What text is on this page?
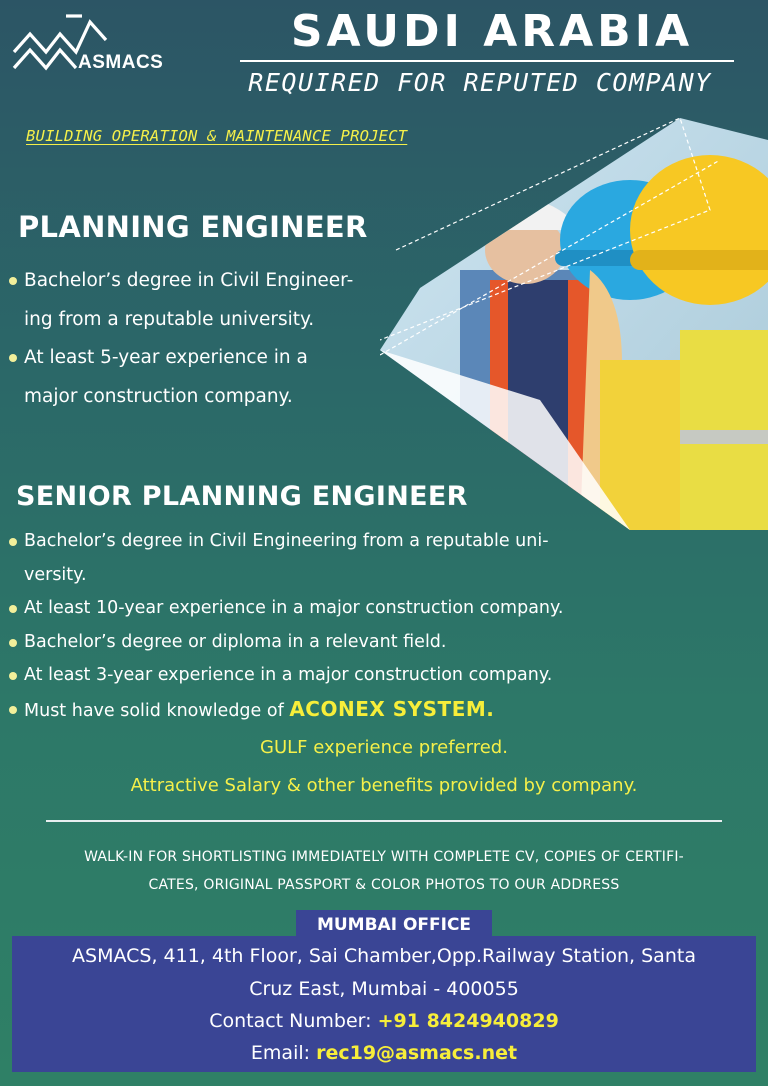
ASMACS
SAUDI ARABIA
REQUIRED FOR REPUTED COMPANY
BUILDING OPERATION & MAINTENANCE PROJECT
PLANNING ENGINEER
Bachelor’s degree in Civil Engineer-
ing from a reputable university.
At least 5-year experience in a
major construction company.
SENIOR PLANNING ENGINEER
Bachelor’s degree in Civil Engineering from a reputable uni-
versity.
At least 10-year experience in a major construction company.
Bachelor’s degree or diploma in a relevant field.
At least 3-year experience in a major construction company.
Must have solid knowledge of ACONEX SYSTEM.
GULF experience preferred.
Attractive Salary & other benefits provided by company.
WALK-IN FOR SHORTLISTING IMMEDIATELY WITH COMPLETE CV, COPIES OF CERTIFI-
CATES, ORIGINAL PASSPORT & COLOR PHOTOS TO OUR ADDRESS
ASMACS, 411, 4th Floor, Sai Chamber,Opp.Railway Station, Santa
Cruz East, Mumbai - 400055
Contact Number: +91 8424940829
Email: rec19@asmacs.net
MUMBAI OFFICE
